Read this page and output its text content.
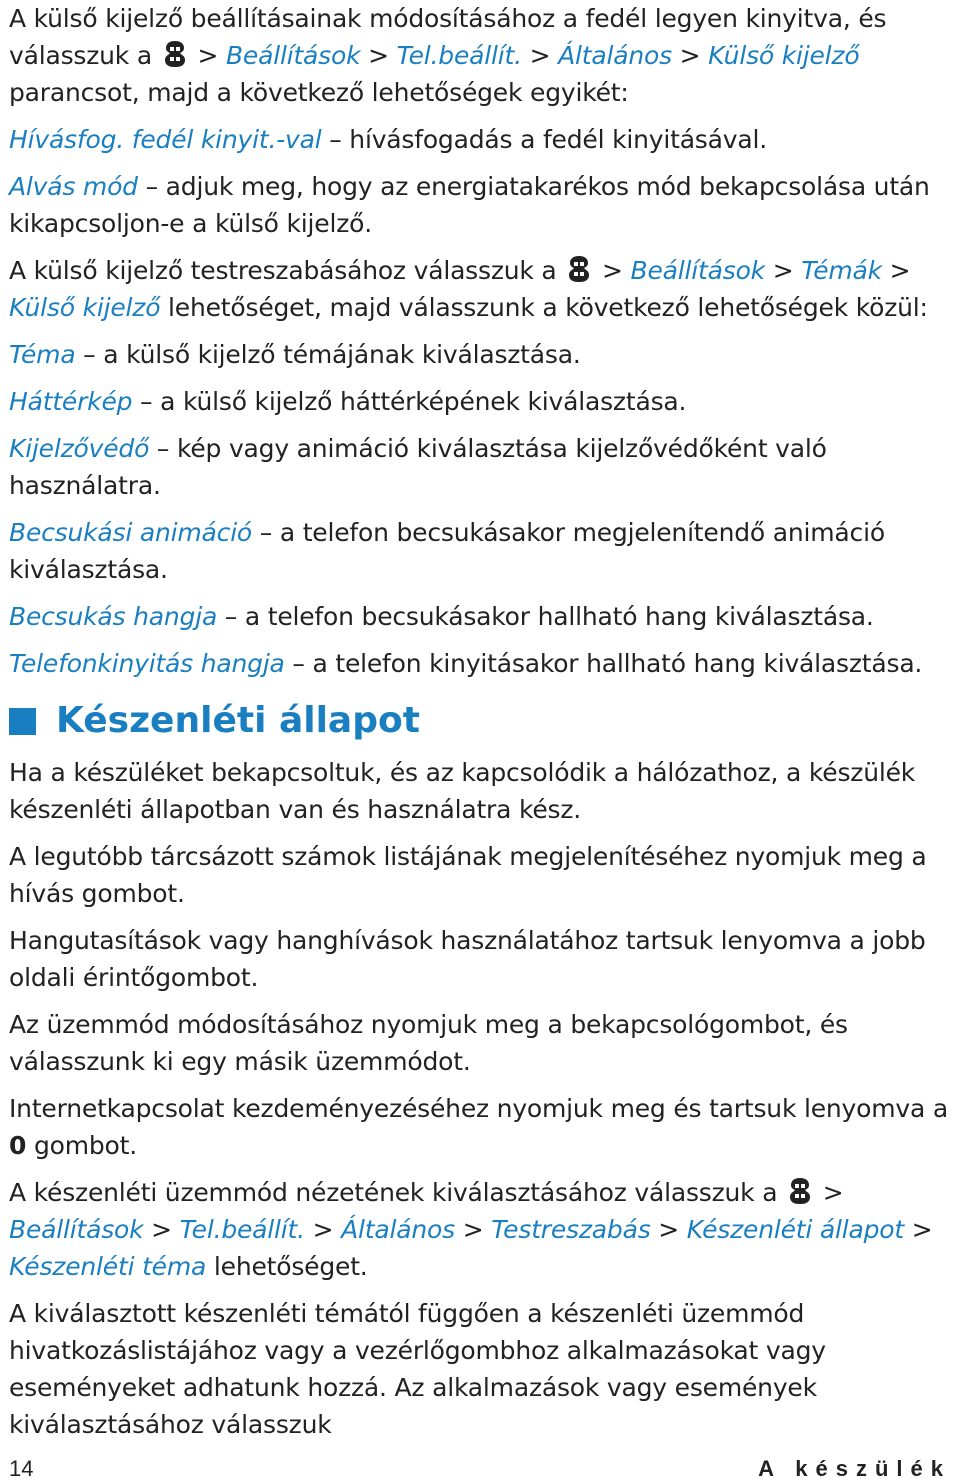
A külső kijelző beállításainak módosításához a fedél legyen kinyitva, és válasszuk a
> Beállítások > Tel.beállít. > Általános > Külső kijelző parancsot, majd a következő lehetőségek egyikét:

Hívásfog. fedél kinyit.-val – hívásfogadás a fedél kinyitásával.

Alvás mód – adjuk meg, hogy az energiatakarékos mód bekapcsolása után kikapcsoljon-e a külső kijelző.

A külső kijelző testreszabásához válasszuk a
> Beállítások > Témák > Külső kijelző lehetőséget, majd válasszunk a következő lehetőségek közül:

Téma – a külső kijelző témájának kiválasztása.

Háttérkép – a külső kijelző háttérképének kiválasztása.

Kijelzővédő – kép vagy animáció kiválasztása kijelzővédőként való használatra.

Becsukási animáció – a telefon becsukásakor megjelenítendő animáció kiválasztása.

Becsukás hangja – a telefon becsukásakor hallható hang kiválasztása.

Telefonkinyitás hangja – a telefon kinyitásakor hallható hang kiválasztása.

Készenléti állapot

Ha a készüléket bekapcsoltuk, és az kapcsolódik a hálózathoz, a készülék készenléti állapotban van és használatra kész.

A legutóbb tárcsázott számok listájának megjelenítéséhez nyomjuk meg a hívás gombot.

Hangutasítások vagy hanghívások használatához tartsuk lenyomva a jobb oldali érintőgombot.

Az üzemmód módosításához nyomjuk meg a bekapcsológombot, és válasszunk ki egy másik üzemmódot.

Internetkapcsolat kezdeményezéséhez nyomjuk meg és tartsuk lenyomva a 0 gombot.

A készenléti üzemmód nézetének kiválasztásához válasszuk a
> Beállítások > Tel.beállít. > Általános > Testreszabás > Készenléti állapot > Készenléti téma lehetőséget.

A kiválasztott készenléti témától függően a készenléti üzemmód hivatkozáslistájához vagy a vezérlőgombhoz alkalmazásokat vagy eseményeket adhatunk hozzá. Az alkalmazások vagy események kiválasztásához válasszuk

14	A készülék
